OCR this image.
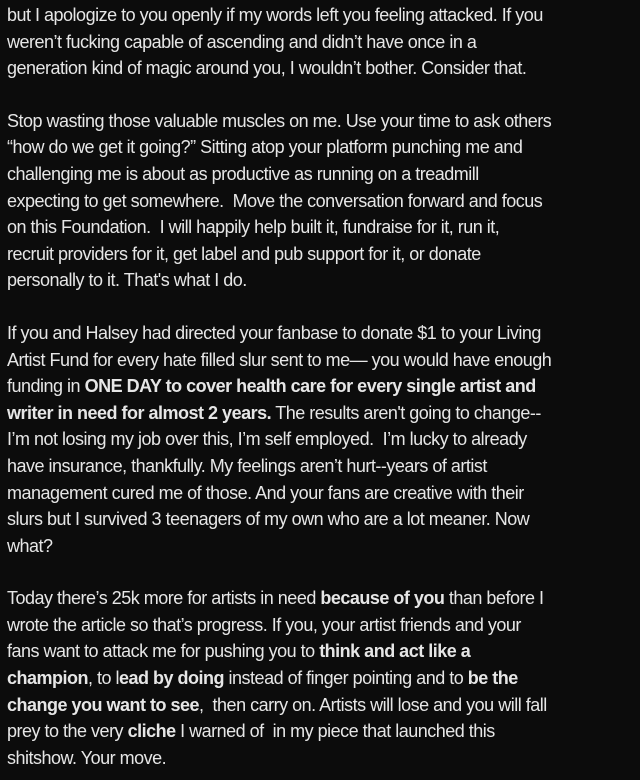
but I apologize to you openly if my words left you feeling attacked. If you
weren’t fucking capable of ascending and didn’t have once in a
generation kind of magic around you, I wouldn’t bother. Consider that.

Stop wasting those valuable muscles on me. Use your time to ask others
“how do we get it going?” Sitting atop your platform punching me and
challenging me is about as productive as running on a treadmill
expecting to get somewhere.  Move the conversation forward and focus
on this Foundation.  I will happily help built it, fundraise for it, run it,
recruit providers for it, get label and pub support for it, or donate
personally to it. That's what I do.

If you and Halsey had directed your fanbase to donate $1 to your Living
Artist Fund for every hate filled slur sent to me— you would have enough
funding in ONE DAY to cover health care for every single artist and
writer in need for almost 2 years. The results aren't going to change--
I’m not losing my job over this, I’m self employed.  I’m lucky to already
have insurance, thankfully. My feelings aren’t hurt--years of artist
management cured me of those. And your fans are creative with their
slurs but I survived 3 teenagers of my own who are a lot meaner. Now
what?

Today there’s 25k more for artists in need because of you than before I
wrote the article so that’s progress. If you, your artist friends and your
fans want to attack me for pushing you to think and act like a
champion, to lead by doing instead of finger pointing and to be the
change you want to see,  then carry on. Artists will lose and you will fall
prey to the very cliche I warned of  in my piece that launched this
shitshow. Your move.
